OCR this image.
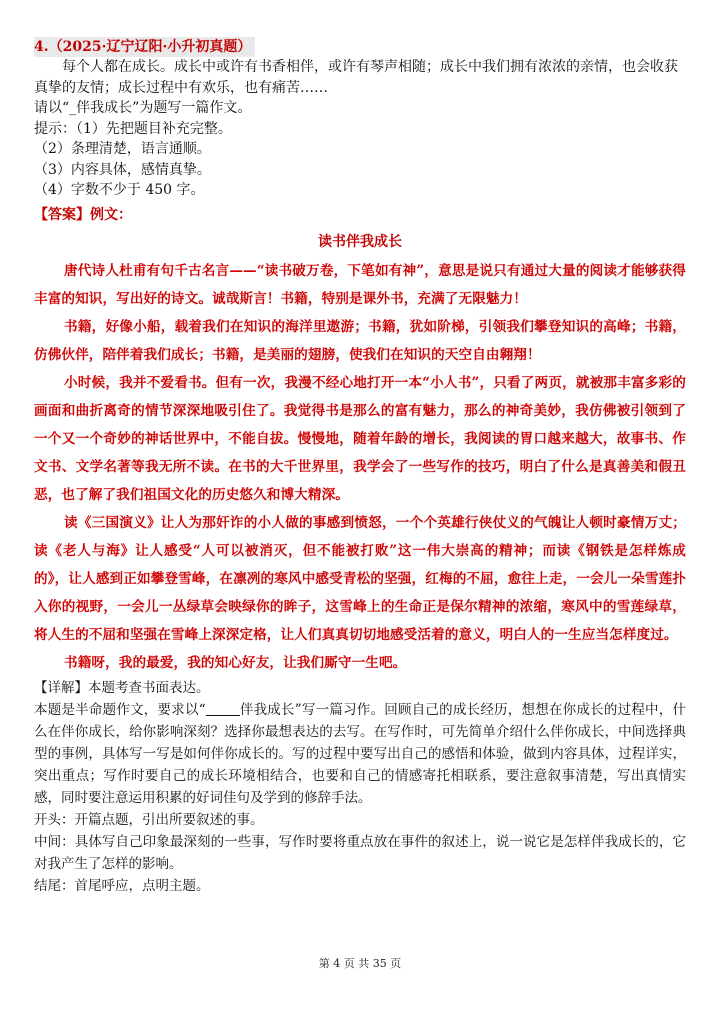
4.（2025·辽宁辽阳·小升初真题）

每个人都在成长。成长中或许有书香相伴，或许有琴声相随；成长中我们拥有浓浓的亲情，也会收获真挚的友情；成长过程中有欢乐，也有痛苦……

请以“_伴我成长”为题写一篇作文。

提示：（1）先把题目补充完整。

（2）条理清楚，语言通顺。

（3）内容具体，感情真挚。

（4）字数不少于 450 字。

【答案】例文：

读书伴我成长

唐代诗人杜甫有句千古名言——“读书破万卷，下笔如有神”，意思是说只有通过大量的阅读才能够获得丰富的知识，写出好的诗文。诚哉斯言！书籍，特别是课外书，充满了无限魅力！

书籍，好像小船，载着我们在知识的海洋里遨游；书籍，犹如阶梯，引领我们攀登知识的高峰；书籍，仿佛伙伴，陪伴着我们成长；书籍，是美丽的翅膀，使我们在知识的天空自由翱翔！

小时候，我并不爱看书。但有一次，我漫不经心地打开一本“小人书”，只看了两页，就被那丰富多彩的画面和曲折离奇的情节深深地吸引住了。我觉得书是那么的富有魅力，那么的神奇美妙，我仿佛被引领到了一个又一个奇妙的神话世界中，不能自拔。慢慢地，随着年龄的增长，我阅读的胃口越来越大，故事书、作文书、文学名著等我无所不读。在书的大千世界里，我学会了一些写作的技巧，明白了什么是真善美和假丑恶，也了解了我们祖国文化的历史悠久和博大精深。

读《三国演义》让人为那奸诈的小人做的事感到愤怒，一个个英雄行侠仗义的气魄让人顿时豪情万丈；读《老人与海》让人感受“人可以被消灭，但不能被打败”这一伟大崇高的精神；而读《钢铁是怎样炼成的》，让人感到正如攀登雪峰，在凛冽的寒风中感受青松的坚强，红梅的不屈，愈往上走，一会儿一朵雪莲扑入你的视野，一会儿一丛绿草会映绿你的眸子，这雪峰上的生命正是保尔精神的浓缩，寒风中的雪莲绿草，将人生的不屈和坚强在雪峰上深深定格，让人们真真切切地感受活着的意义，明白人的一生应当怎样度过。

书籍呀，我的最爱，我的知心好友，让我们厮守一生吧。

【详解】本题考查书面表达。

本题是半命题作文，要求以“	伴我成长”写一篇习作。回顾自己的成长经历，想想在你成长的过程中，什么在伴你成长，给你影响深刻？选择你最想表达的去写。在写作时，可先简单介绍什么伴你成长，中间选择典型的事例，具体写一写是如何伴你成长的。写的过程中要写出自己的感悟和体验，做到内容具体，过程详实，突出重点；写作时要自己的成长环境相结合，也要和自己的情感寄托相联系，要注意叙事清楚，写出真情实感，同时要注意运用积累的好词佳句及学到的修辞手法。

开头：开篇点题，引出所要叙述的事。

中间：具体写自己印象最深刻的一些事，写作时要将重点放在事件的叙述上，说一说它是怎样伴我成长的，它对我产生了怎样的影响。

结尾：首尾呼应，点明主题。

第 4 页 共 35 页
